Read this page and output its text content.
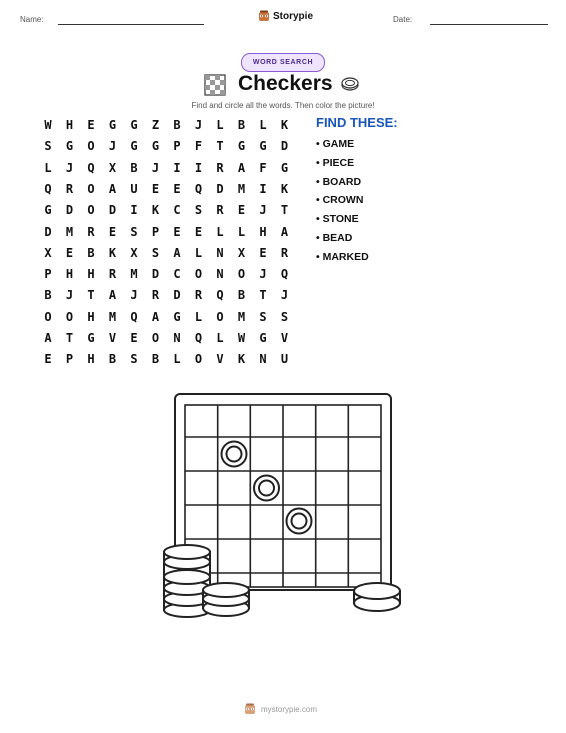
Name:	Storypie	Date:
WORD SEARCH
Checkers
Find and circle all the words. Then color the picture!
W	H	E	G	G	Z	B	J	L	B	L	K
S	G	O	J	G	G	P	F	T	G	G	D
L	J	Q	X	B	J	I	I	R	A	F	G
Q	R	O	A	U	E	E	Q	D	M	I	K
G	D	O	D	I	K	C	S	R	E	J	T
D	M	R	E	S	P	E	E	L	L	H	A
X	E	B	K	X	S	A	L	N	X	E	R
P	H	H	R	M	D	C	O	N	O	J	Q
B	J	T	A	J	R	D	R	Q	B	T	J
O	O	H	M	Q	A	G	L	O	M	S	S
A	T	G	V	E	O	N	Q	L	W	G	V
E	P	H	B	S	B	L	O	V	K	N	U
FIND THESE:
• GAME
• PIECE
• BOARD
• CROWN
• STONE
• BEAD
• MARKED
mystorypie.com
